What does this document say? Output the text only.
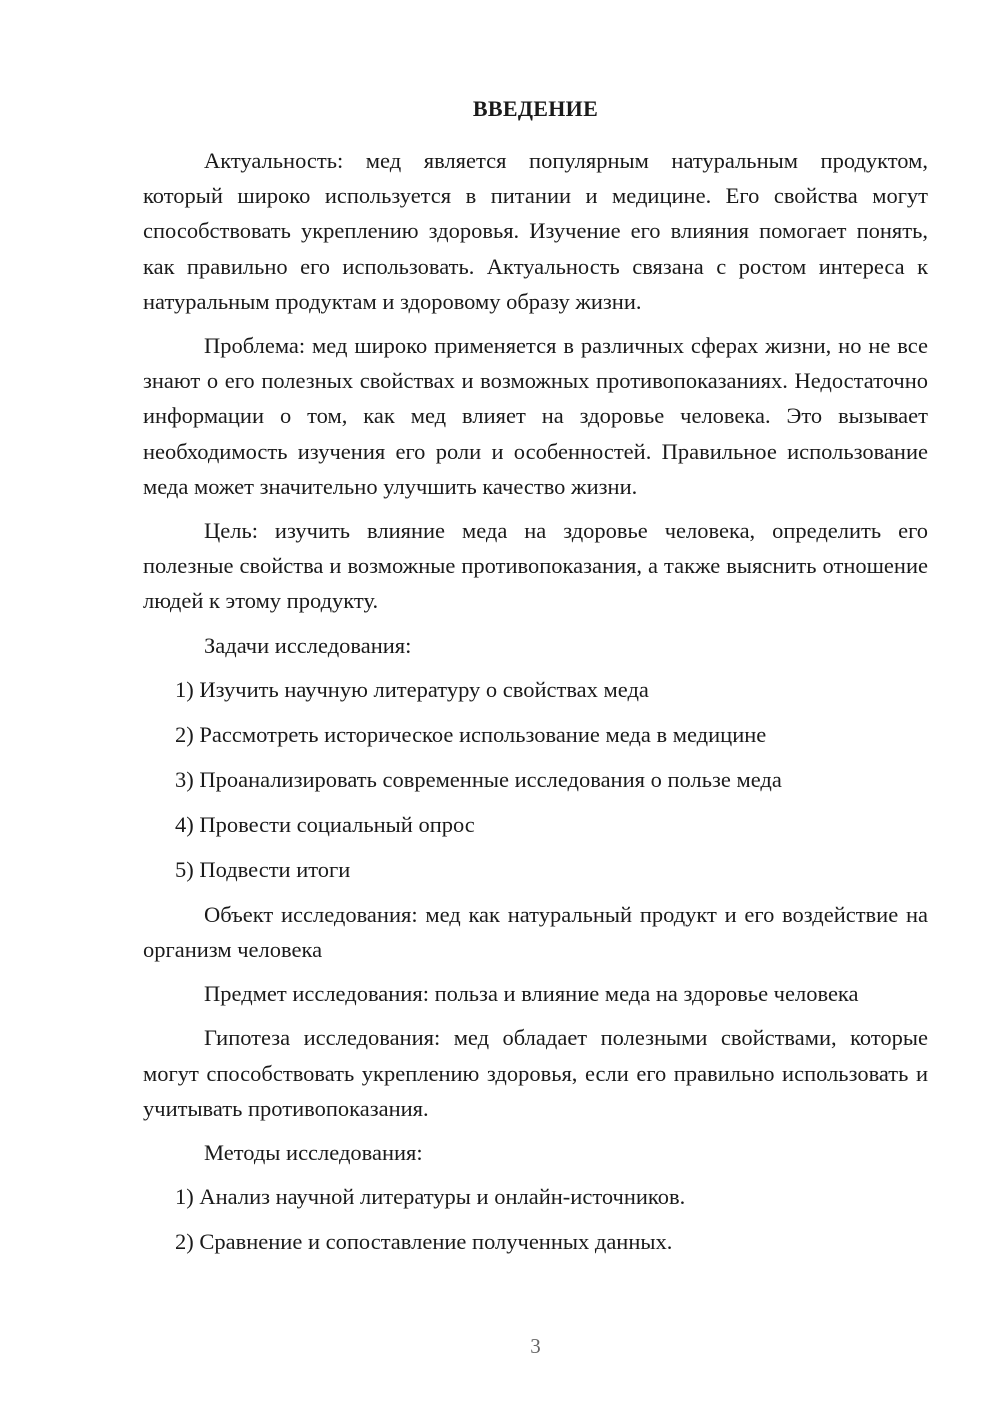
ВВЕДЕНИЕ

Актуальность: мед является популярным натуральным продуктом, который широко используется в питании и медицине. Его свойства могут способствовать укреплению здоровья. Изучение его влияния помогает понять, как правильно его использовать. Актуальность связана с ростом интереса к натуральным продуктам и здоровому образу жизни.

Проблема: мед широко применяется в различных сферах жизни, но не все знают о его полезных свойствах и возможных противопоказаниях. Недостаточно информации о том, как мед влияет на здоровье человека. Это вызывает необходимость изучения его роли и особенностей. Правильное использование меда может значительно улучшить качество жизни.

Цель: изучить влияние меда на здоровье человека, определить его полезные свойства и возможные противопоказания, а также выяснить отношение людей к этому продукту.

Задачи исследования:

1) Изучить научную литературу о свойствах меда
2) Рассмотреть историческое использование меда в медицине
3) Проанализировать современные исследования о пользе меда
4) Провести социальный опрос
5) Подвести итоги

Объект исследования: мед как натуральный продукт и его воздействие на организм человека

Предмет исследования: польза и влияние меда на здоровье человека

Гипотеза исследования: мед обладает полезными свойствами, которые могут способствовать укреплению здоровья, если его правильно использовать и учитывать противопоказания.

Методы исследования:

1) Анализ научной литературы и онлайн-источников.
2) Сравнение и сопоставление полученных данных.
3
